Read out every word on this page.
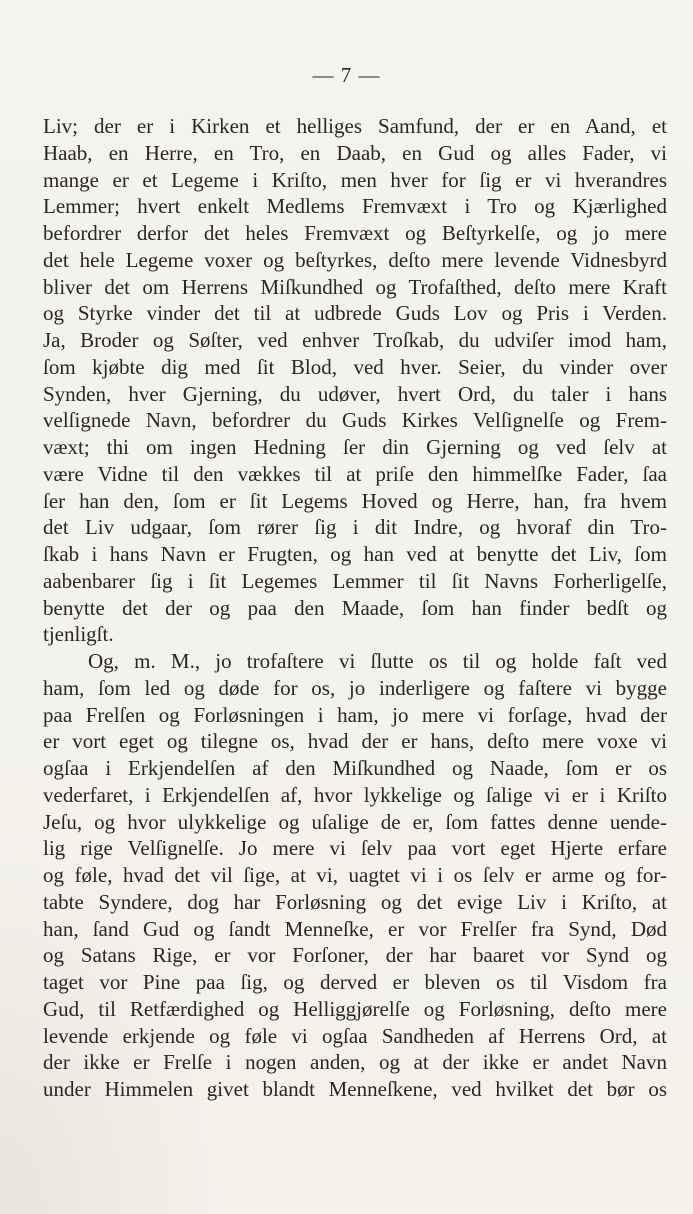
— 7 —
Liv; der er i Kirken et helliges Samfund, der er en Aand, et
Haab, en Herre, en Tro, en Daab, en Gud og alles Fader, vi
mange er et Legeme i Kriſto, men hver for ſig er vi hverandres
Lemmer; hvert enkelt Medlems Fremvæxt i Tro og Kjærlighed
befordrer derfor det heles Fremvæxt og Beſtyrkelſe, og jo mere
det hele Legeme voxer og beſtyrkes, deſto mere levende Vidnesbyrd
bliver det om Herrens Miſkundhed og Trofaſthed, deſto mere Kraft
og Styrke vinder det til at udbrede Guds Lov og Pris i Verden.
Ja, Broder og Søſter, ved enhver Troſkab, du udviſer imod ham,
ſom kjøbte dig med ſit Blod, ved hver. Seier, du vinder over
Synden, hver Gjerning, du udøver, hvert Ord, du taler i hans
velſignede Navn, befordrer du Guds Kirkes Velſignelſe og Frem-
væxt; thi om ingen Hedning ſer din Gjerning og ved ſelv at
være Vidne til den vækkes til at priſe den himmelſke Fader, ſaa
ſer han den, ſom er ſit Legems Hoved og Herre, han, fra hvem
det Liv udgaar, ſom rører ſig i dit Indre, og hvoraf din Tro-
ſkab i hans Navn er Frugten, og han ved at benytte det Liv, ſom
aabenbarer ſig i ſit Legemes Lemmer til ſit Navns Forherligelſe,
benytte det der og paa den Maade, ſom han finder bedſt og
tjenligſt.
Og, m. M., jo trofaſtere vi ſlutte os til og holde faſt ved
ham, ſom led og døde for os, jo inderligere og faſtere vi bygge
paa Frelſen og Forløsningen i ham, jo mere vi forſage, hvad der
er vort eget og tilegne os, hvad der er hans, deſto mere voxe vi
ogſaa i Erkjendelſen af den Miſkundhed og Naade, ſom er os
vederfaret, i Erkjendelſen af, hvor lykkelige og ſalige vi er i Kriſto
Jeſu, og hvor ulykkelige og uſalige de er, ſom fattes denne uende-
lig rige Velſignelſe. Jo mere vi ſelv paa vort eget Hjerte erfare
og føle, hvad det vil ſige, at vi, uagtet vi i os ſelv er arme og for-
tabte Syndere, dog har Forløsning og det evige Liv i Kriſto, at
han, ſand Gud og ſandt Menneſke, er vor Frelſer fra Synd, Død
og Satans Rige, er vor Forſoner, der har baaret vor Synd og
taget vor Pine paa ſig, og derved er bleven os til Visdom fra
Gud, til Retfærdighed og Helliggjørelſe og Forløsning, deſto mere
levende erkjende og føle vi ogſaa Sandheden af Herrens Ord, at
der ikke er Frelſe i nogen anden, og at der ikke er andet Navn
under Himmelen givet blandt Menneſkene, ved hvilket det bør os
